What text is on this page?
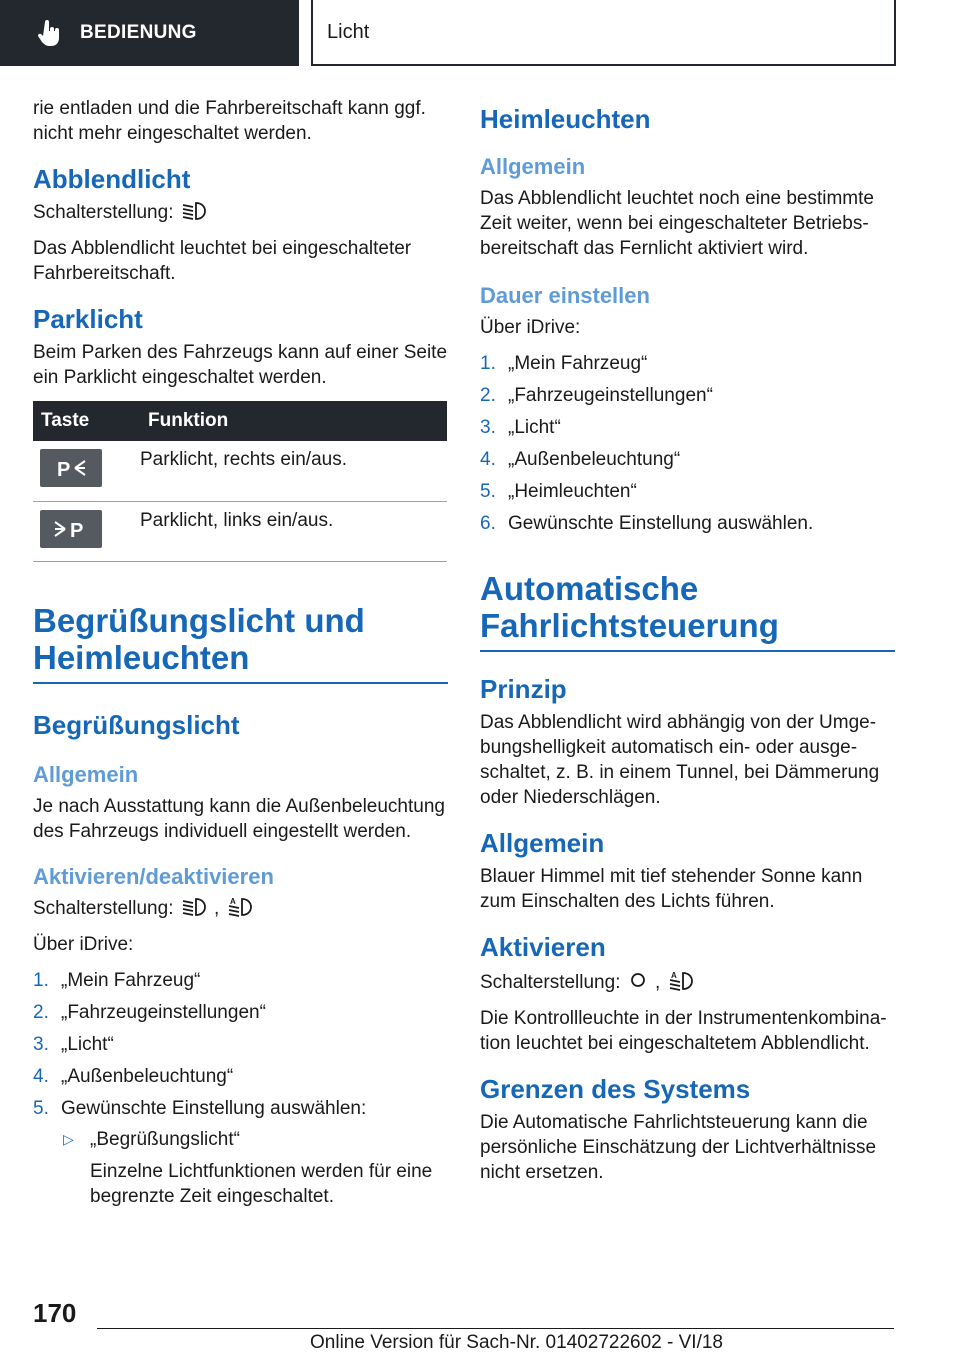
BEDIENUNG	Licht

rie entladen und die Fahrbereitschaft kann ggf. nicht mehr eingeschaltet werden.

Abblendlicht

Schalterstellung:

Das Abblendlicht leuchtet bei eingeschalteter Fahrbereitschaft.

Parklicht

Beim Parken des Fahrzeugs kann auf einer Seite ein Parklicht eingeschaltet werden.

Taste	Funktion

P	Parklicht, rechts ein/aus.

P	Parklicht, links ein/aus.
Begrüßungslicht und Heimleuchten
Begrüßungslicht
Allgemein

Je nach Ausstattung kann die Außenbeleuchtung des Fahrzeugs individuell eingestellt werden.

Aktivieren/deaktivieren

Schalterstellung: , A

Über iDrive:

1. „Mein Fahrzeug“
2. „Fahrzeugeinstellungen“
3. „Licht“
4. „Außenbeleuchtung“
5. Gewünschte Einstellung auswählen:
▷ „Begrüßungslicht“
Einzelne Lichtfunktionen werden für eine begrenzte Zeit eingeschaltet.
Heimleuchten
Allgemein

Das Abblendlicht leuchtet noch eine bestimmte Zeit weiter, wenn bei eingeschalteter Betriebsbereitschaft das Fernlicht aktiviert wird.

Dauer einstellen

Über iDrive:

1. „Mein Fahrzeug“
2. „Fahrzeugeinstellungen“
3. „Licht“
4. „Außenbeleuchtung“
5. „Heimleuchten“
6. Gewünschte Einstellung auswählen.
Automatische Fahrlichtsteuerung
Prinzip

Das Abblendlicht wird abhängig von der Umgebungshelligkeit automatisch ein- oder ausgeschaltet, z. B. in einem Tunnel, bei Dämmerung oder Niederschlägen.

Allgemein

Blauer Himmel mit tief stehender Sonne kann zum Einschalten des Lichts führen.

Aktivieren

Schalterstellung: , A

Die Kontrollleuchte in der Instrumentenkombination leuchtet bei eingeschaltetem Abblendlicht.

Grenzen des Systems

Die Automatische Fahrlichtsteuerung kann die persönliche Einschätzung der Lichtverhältnisse nicht ersetzen.

170
Online Version für Sach-Nr. 01402722602 - VI/18
